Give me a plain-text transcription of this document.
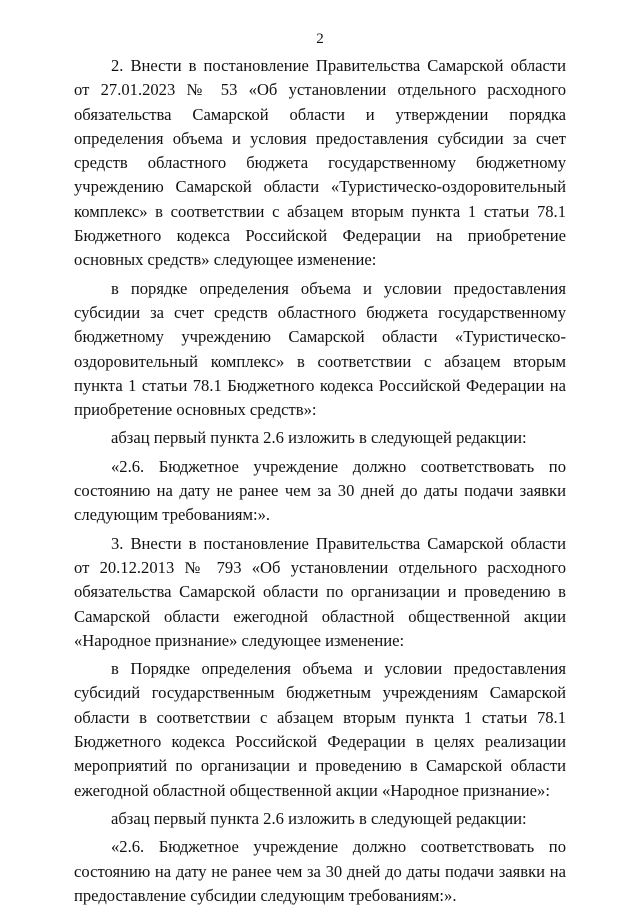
2

2. Внести в постановление Правительства Самарской области от 27.01.2023 № 53 «Об установлении отдельного расходного обязательства Самарской области и утверждении порядка определения объема и условия предоставления субсидии за счет средств областного бюджета государственному бюджетному учреждению Самарской области «Туристическо-оздоровительный комплекс» в соответствии с абзацем вторым пункта 1 статьи 78.1 Бюджетного кодекса Российской Федерации на приобретение основных средств» следующее изменение:

в порядке определения объема и условии предоставления субсидии за счет средств областного бюджета государственному бюджетному учреждению Самарской области «Туристическо-оздоровительный комплекс» в соответствии с абзацем вторым пункта 1 статьи 78.1 Бюджетного кодекса Российской Федерации на приобретение основных средств»:

абзац первый пункта 2.6 изложить в следующей редакции:

«2.6. Бюджетное учреждение должно соответствовать по состоянию на дату не ранее чем за 30 дней до даты подачи заявки следующим требованиям:».

3. Внести в постановление Правительства Самарской области от 20.12.2013 № 793 «Об установлении отдельного расходного обязательства Самарской области по организации и проведению в Самарской области ежегодной областной общественной акции «Народное признание» следующее изменение:

в Порядке определения объема и условии предоставления субсидий государственным бюджетным учреждениям Самарской области в соответствии с абзацем вторым пункта 1 статьи 78.1 Бюджетного кодекса Российской Федерации в целях реализации мероприятий по организации и проведению в Самарской области ежегодной областной общественной акции «Народное признание»:

абзац первый пункта 2.6 изложить в следующей редакции:

«2.6. Бюджетное учреждение должно соответствовать по состоянию на дату не ранее чем за 30 дней до даты подачи заявки на предоставление субсидии следующим требованиям:».
